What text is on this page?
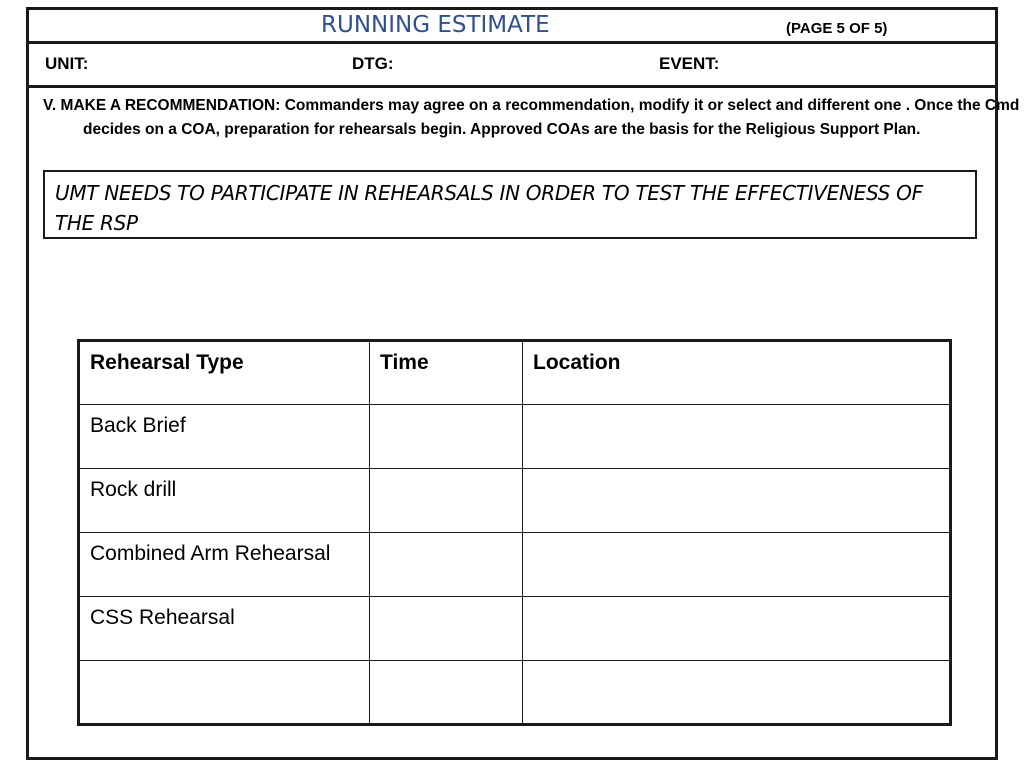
RUNNING ESTIMATE	(PAGE 5 OF 5)
UNIT:	DTG:	EVENT:
V. MAKE A RECOMMENDATION: Commanders may agree on a recommendation, modify it or select and different one . Once the Cmd decides on a COA, preparation for rehearsals begin. Approved COAs are the basis for the Religious Support Plan.
UMT NEEDS TO PARTICIPATE IN REHEARSALS IN ORDER TO TEST THE EFFECTIVENESS OF THE RSP
Rehearsal Type	Time	Location
Back Brief		
Rock drill		
Combined Arm Rehearsal		
CSS Rehearsal		
